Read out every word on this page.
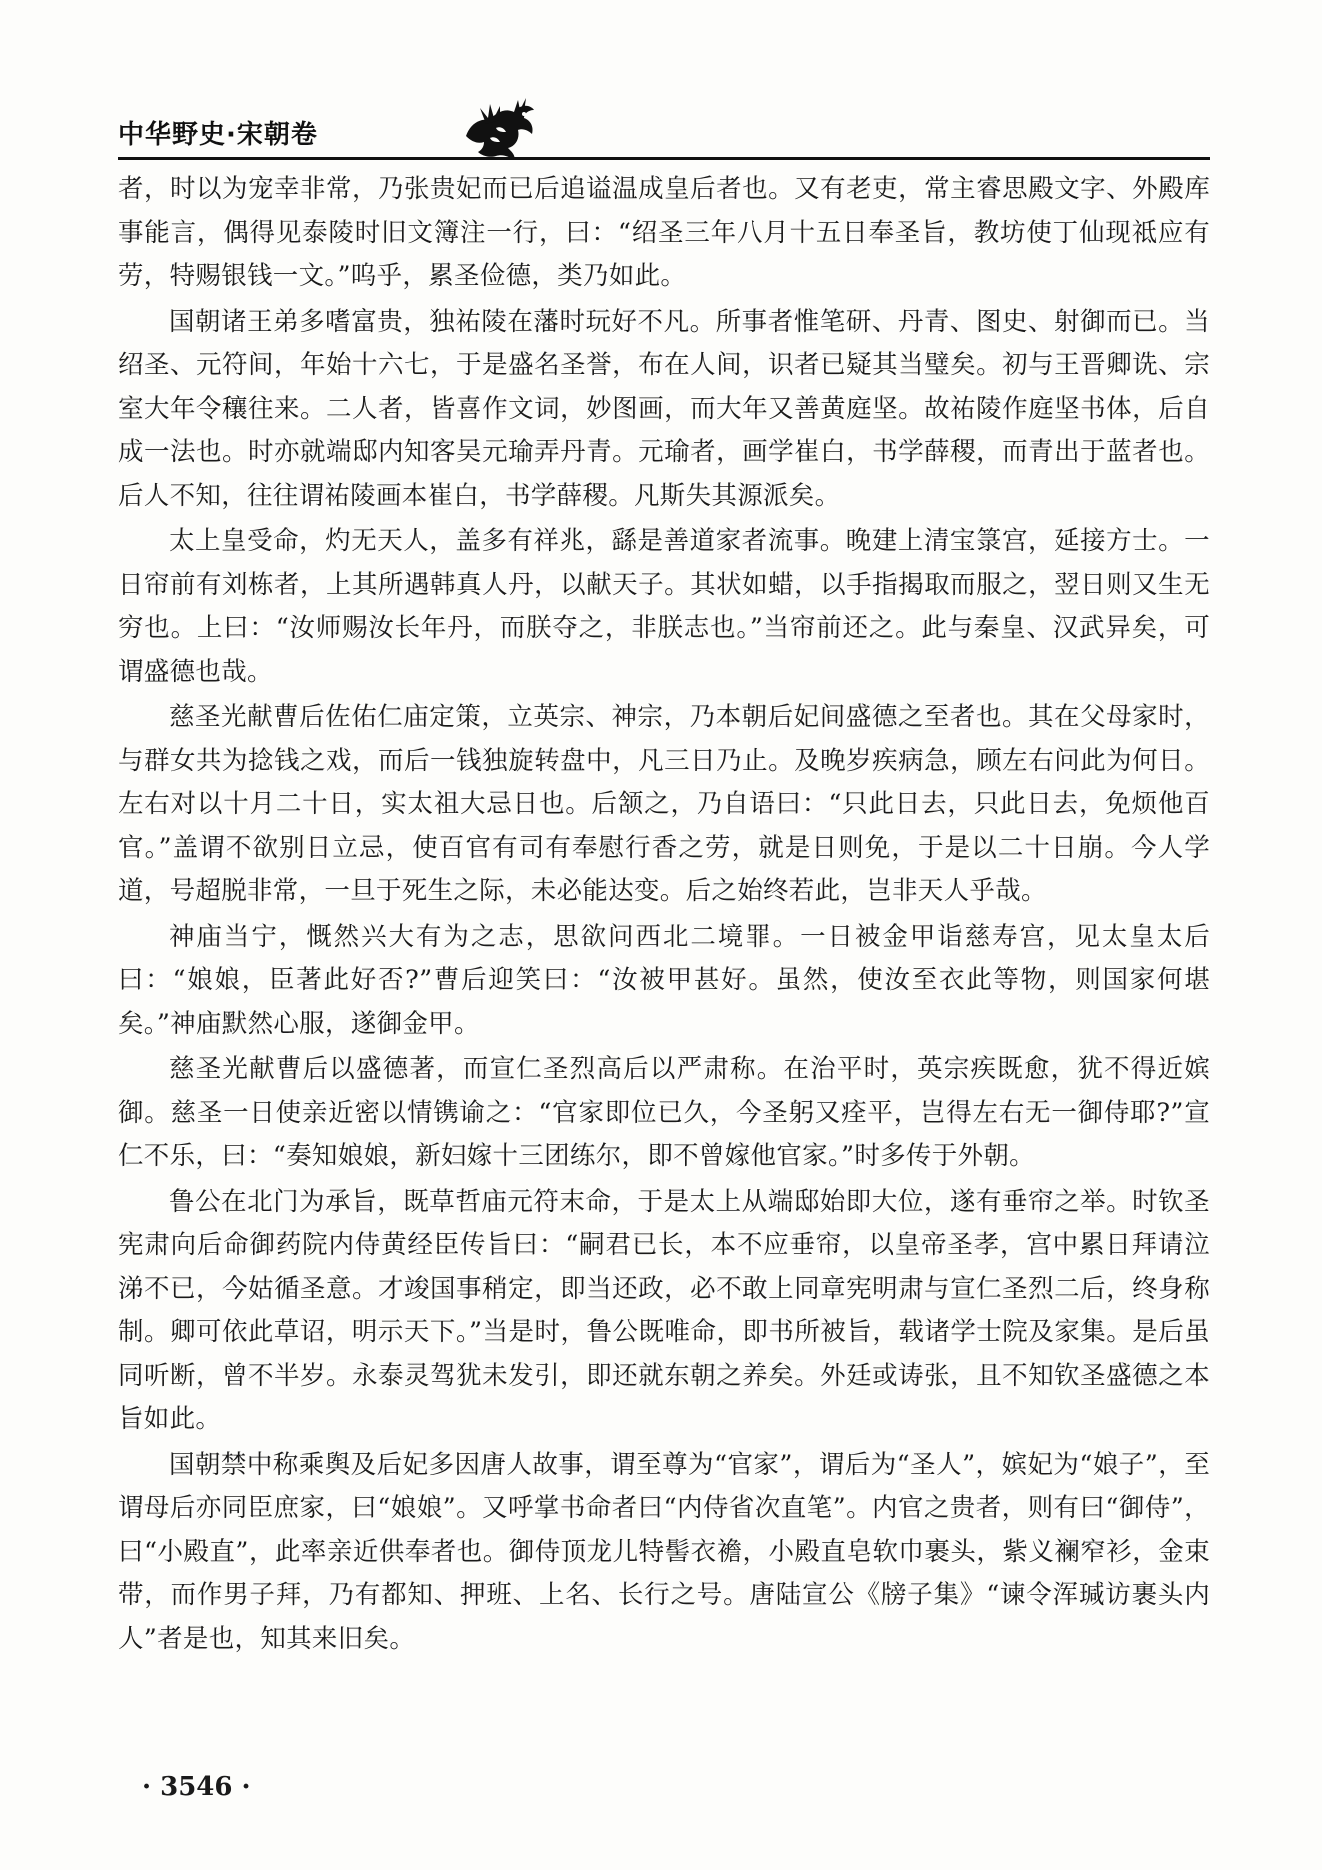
中华野史·宋朝卷

者，时以为宠幸非常，乃张贵妃而已后追谥温成皇后者也。又有老吏，常主睿思殿文字、外殿库事能言，偶得见泰陵时旧文簿注一行，曰：“绍圣三年八月十五日奉圣旨，教坊使丁仙现祗应有劳，特赐银钱一文。”呜乎，累圣俭德，类乃如此。

国朝诸王弟多嗜富贵，独祐陵在藩时玩好不凡。所事者惟笔研、丹青、图史、射御而已。当绍圣、元符间，年始十六七，于是盛名圣誉，布在人间，识者已疑其当璧矣。初与王晋卿诜、宗室大年令穰往来。二人者，皆喜作文词，妙图画，而大年又善黄庭坚。故祐陵作庭坚书体，后自成一法也。时亦就端邸内知客吴元瑜弄丹青。元瑜者，画学崔白，书学薛稷，而青出于蓝者也。后人不知，往往谓祐陵画本崔白，书学薛稷。凡斯失其源派矣。

太上皇受命，灼无天人，盖多有祥兆，繇是善道家者流事。晚建上清宝箓宫，延接方士。一日帘前有刘栋者，上其所遇韩真人丹，以献天子。其状如蜡，以手指揭取而服之，翌日则又生无穷也。上曰：“汝师赐汝长年丹，而朕夺之，非朕志也。”当帘前还之。此与秦皇、汉武异矣，可谓盛德也哉。

慈圣光献曹后佐佑仁庙定策，立英宗、神宗，乃本朝后妃间盛德之至者也。其在父母家时，与群女共为捻钱之戏，而后一钱独旋转盘中，凡三日乃止。及晚岁疾病急，顾左右问此为何日。左右对以十月二十日，实太祖大忌日也。后颔之，乃自语曰：“只此日去，只此日去，免烦他百官。”盖谓不欲别日立忌，使百官有司有奉慰行香之劳，就是日则免，于是以二十日崩。今人学道，号超脱非常，一旦于死生之际，未必能达变。后之始终若此，岂非天人乎哉。

神庙当宁，慨然兴大有为之志，思欲问西北二境罪。一日被金甲诣慈寿宫，见太皇太后曰：“娘娘，臣著此好否?”曹后迎笑曰：“汝被甲甚好。虽然，使汝至衣此等物，则国家何堪矣。”神庙默然心服，遂御金甲。

慈圣光献曹后以盛德著，而宣仁圣烈高后以严肃称。在治平时，英宗疾既愈，犹不得近嫔御。慈圣一日使亲近密以情镌谕之：“官家即位已久，今圣躬又痊平，岂得左右无一御侍耶?”宣仁不乐，曰：“奏知娘娘，新妇嫁十三团练尔，即不曾嫁他官家。”时多传于外朝。

鲁公在北门为承旨，既草哲庙元符末命，于是太上从端邸始即大位，遂有垂帘之举。时钦圣宪肃向后命御药院内侍黄经臣传旨曰：“嗣君已长，本不应垂帘，以皇帝圣孝，宫中累日拜请泣涕不已，今姑循圣意。才竣国事稍定，即当还政，必不敢上同章宪明肃与宣仁圣烈二后，终身称制。卿可依此草诏，明示天下。”当是时，鲁公既唯命，即书所被旨，载诸学士院及家集。是后虽同听断，曾不半岁。永泰灵驾犹未发引，即还就东朝之养矣。外廷或诪张，且不知钦圣盛德之本旨如此。

国朝禁中称乘舆及后妃多因唐人故事，谓至尊为“官家”，谓后为“圣人”，嫔妃为“娘子”，至谓母后亦同臣庶家，曰“娘娘”。又呼掌书命者曰“内侍省次直笔”。内官之贵者，则有曰“御侍”，曰“小殿直”，此率亲近供奉者也。御侍顶龙儿特髻衣襜，小殿直皂软巾裹头，紫义襕窄衫，金束带，而作男子拜，乃有都知、押班、上名、长行之号。唐陆宣公《牓子集》“谏令浑瑊访裹头内人”者是也，知其来旧矣。

· 3546 ·
